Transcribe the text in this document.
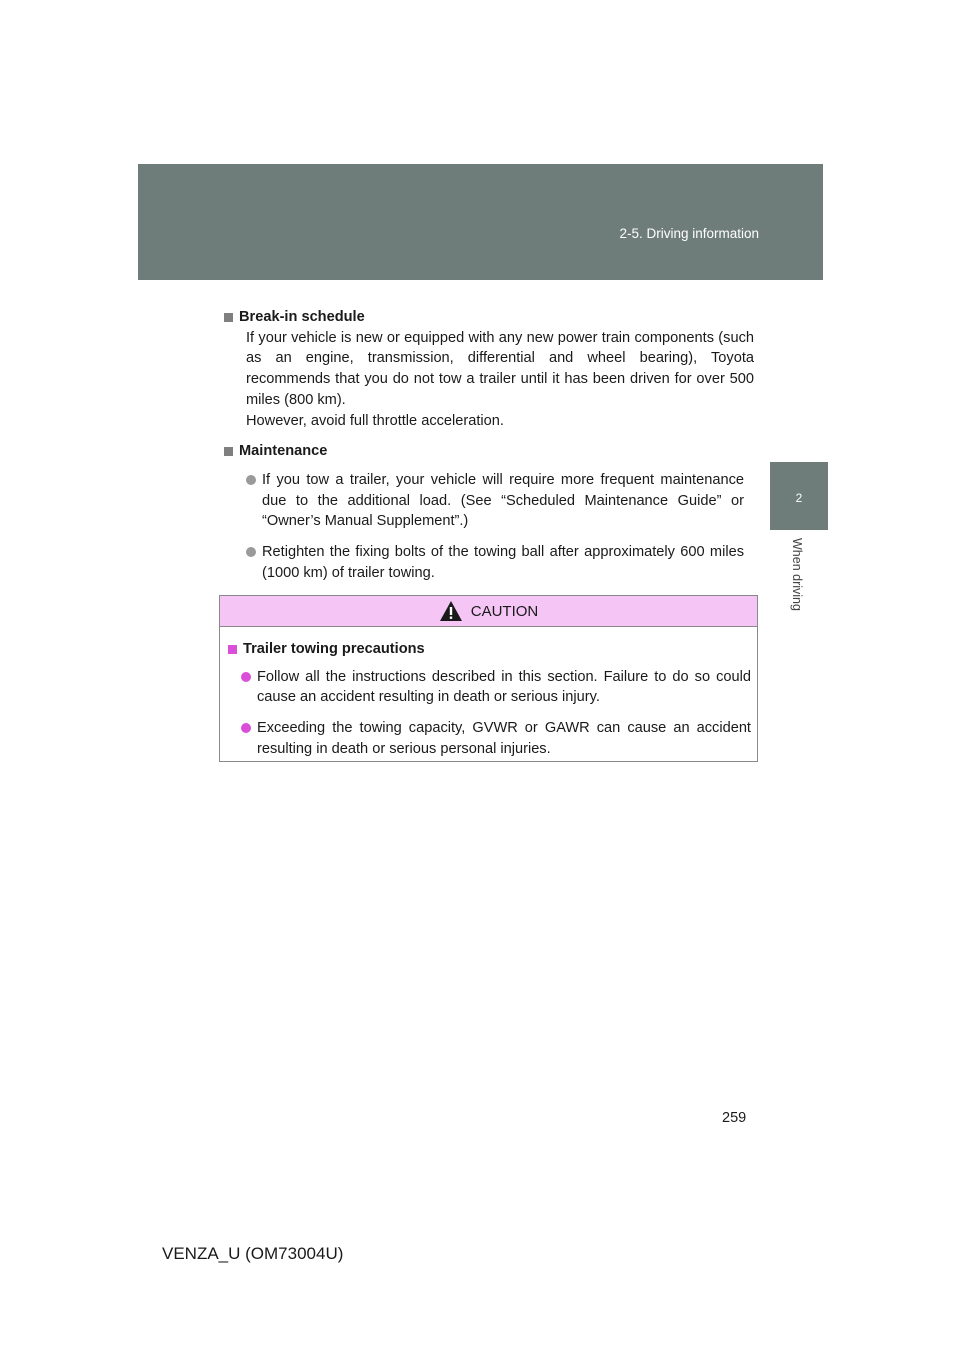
2-5. Driving information
2
When driving
Break-in schedule

If your vehicle is new or equipped with any new power train components (such as an engine, transmission, differential and wheel bearing), Toyota recommends that you do not tow a trailer until it has been driven for over 500 miles (800 km).

However, avoid full throttle acceleration.

Maintenance
If you tow a trailer, your vehicle will require more frequent maintenance due to the additional load. (See “Scheduled Maintenance Guide” or “Owner’s Manual Supplement”.)
Retighten the fixing bolts of the towing ball after approximately 600 miles (1000 km) of trailer towing.
CAUTION
Trailer towing precautions
Follow all the instructions described in this section. Failure to do so could cause an accident resulting in death or serious injury.
Exceeding the towing capacity, GVWR or GAWR can cause an accident resulting in death or serious personal injuries.
259
VENZA_U (OM73004U)
